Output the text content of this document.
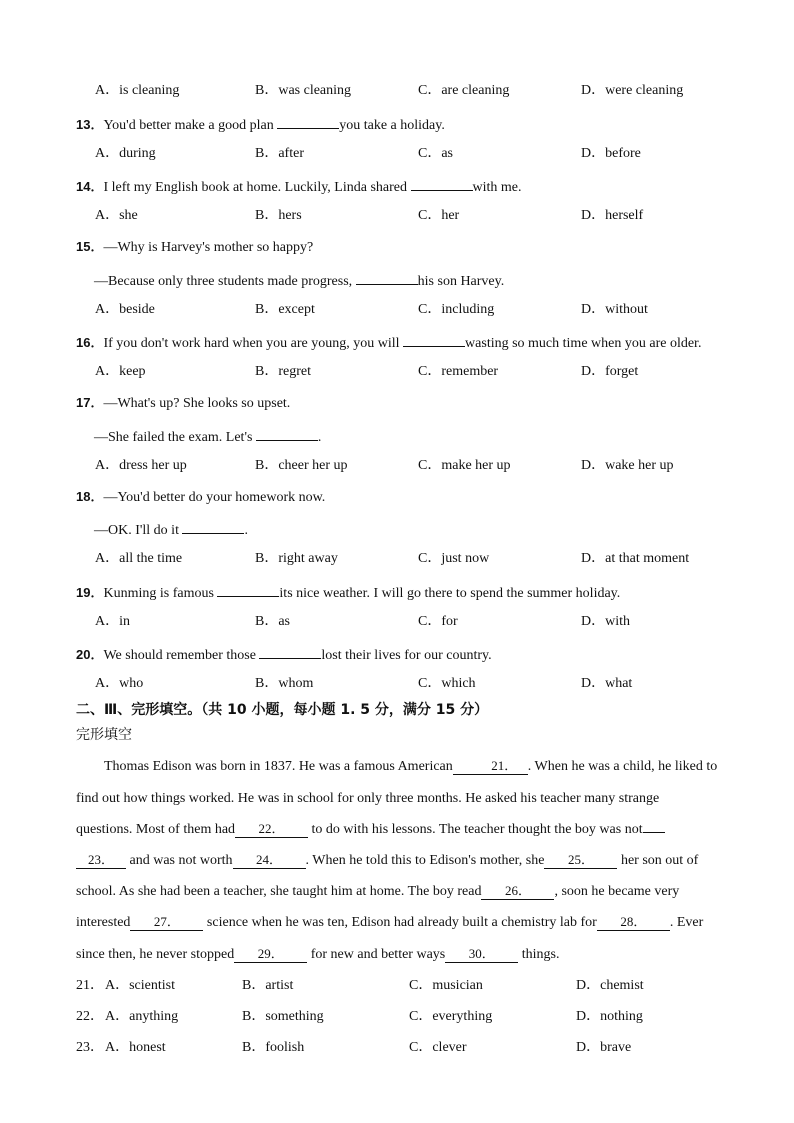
A．is cleaning	B．was cleaning	C．are cleaning	D．were cleaning
13．You'd better make a good plan	you take a holiday.
A．during	B．after	C．as	D．before
14．I left my English book at home. Luckily, Linda shared	with me.
A．she	B．hers	C．her	D．herself
15．—Why is Harvey's mother so happy?
—Because only three students made progress,	his son Harvey.
A．beside	B．except	C．including	D．without
16．If you don't work hard when you are young, you will	wasting so much time when you are older.
A．keep	B．regret	C．remember	D．forget
17．—What's up? She looks so upset.
—She failed the exam. Let's	.
A．dress her up	B．cheer her up	C．make her up	D．wake her up
18．—You'd better do your homework now.
—OK. I'll do it	.
A．all the time	B．right away	C．just now	D．at that moment
19．Kunming is famous	its nice weather. I will go there to spend the summer holiday.
A．in	B．as	C．for	D．with
20．We should remember those	lost their lives for our country.
A．who	B．whom	C．which	D．what
二、Ⅲ、完形填空。（共 10 小题，每小题 1. 5 分，满分 15 分）
完形填空
Thomas Edison was born in 1837. He was a famous American	21． . When he was a child, he liked to
find out how things worked. He was in school for only three months. He asked his teacher many strange
questions. Most of them had 22． to do with his lessons. The teacher thought the boy was not
23． and was not worth 24． . When he told this to Edison's mother, she 25． her son out of
school. As she had been a teacher, she taught him at home. The boy read 26． , soon he became very
interested 27． science when he was ten, Edison had already built a chemistry lab for 28． . Ever
since then, he never stopped 29． for new and better ways 30． things.
21． A．scientist	B．artist	C．musician	D．chemist
22． A．anything	B．something	C．everything	D．nothing
23． A．honest	B．foolish	C．clever	D．brave
